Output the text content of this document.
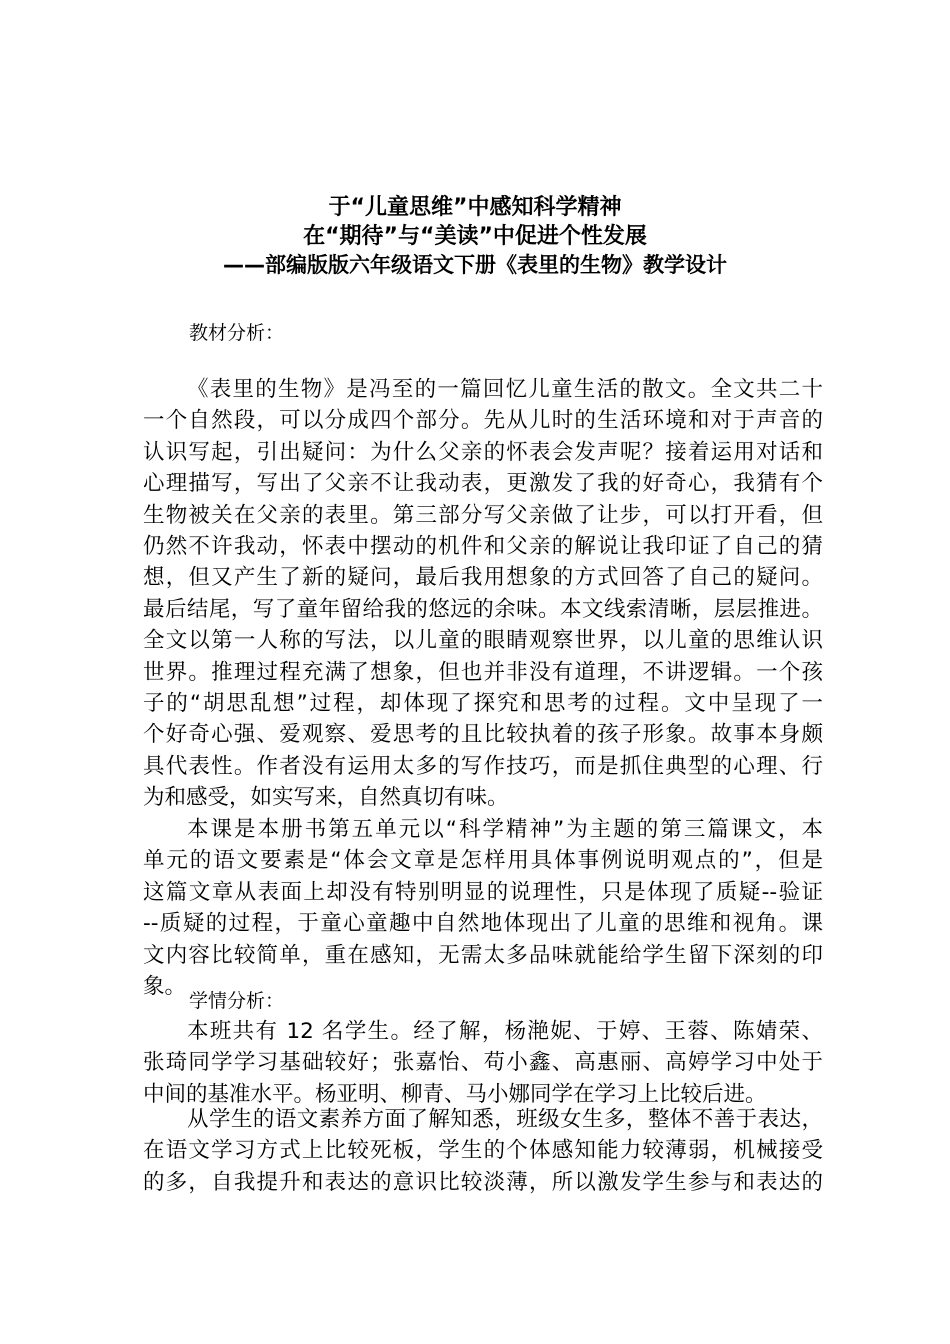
于“儿童思维”中感知科学精神
在“期待”与“美读”中促进个性发展
——部编版版六年级语文下册《表里的生物》教学设计
教材分析：
《表里的生物》是冯至的一篇回忆儿童生活的散文。全文共二十
一个自然段，可以分成四个部分。先从儿时的生活环境和对于声音的
认识写起，引出疑问：为什么父亲的怀表会发声呢？接着运用对话和
心理描写，写出了父亲不让我动表，更激发了我的好奇心，我猜有个
生物被关在父亲的表里。第三部分写父亲做了让步，可以打开看，但
仍然不许我动，怀表中摆动的机件和父亲的解说让我印证了自己的猜
想，但又产生了新的疑问，最后我用想象的方式回答了自己的疑问。
最后结尾，写了童年留给我的悠远的余味。本文线索清晰，层层推进。
全文以第一人称的写法，以儿童的眼睛观察世界，以儿童的思维认识
世界。推理过程充满了想象，但也并非没有道理，不讲逻辑。一个孩
子的“胡思乱想”过程，却体现了探究和思考的过程。文中呈现了一
个好奇心强、爱观察、爱思考的且比较执着的孩子形象。故事本身颇
具代表性。作者没有运用太多的写作技巧，而是抓住典型的心理、行
为和感受，如实写来，自然真切有味。
本课是本册书第五单元以“科学精神”为主题的第三篇课文，本
单元的语文要素是“体会文章是怎样用具体事例说明观点的”，但是
这篇文章从表面上却没有特别明显的说理性，只是体现了质疑--验证
--质疑的过程，于童心童趣中自然地体现出了儿童的思维和视角。课
文内容比较简单，重在感知，无需太多品味就能给学生留下深刻的印
象。
学情分析：
本班共有 12 名学生。经了解，杨滟妮、于婷、王蓉、陈婧荣、
张琦同学学习基础较好；张嘉怡、苟小鑫、高惠丽、高婷学习中处于
中间的基准水平。杨亚明、柳青、马小娜同学在学习上比较后进。
从学生的语文素养方面了解知悉，班级女生多，整体不善于表达，
在语文学习方式上比较死板，学生的个体感知能力较薄弱，机械接受
的多，自我提升和表达的意识比较淡薄，所以激发学生参与和表达的
